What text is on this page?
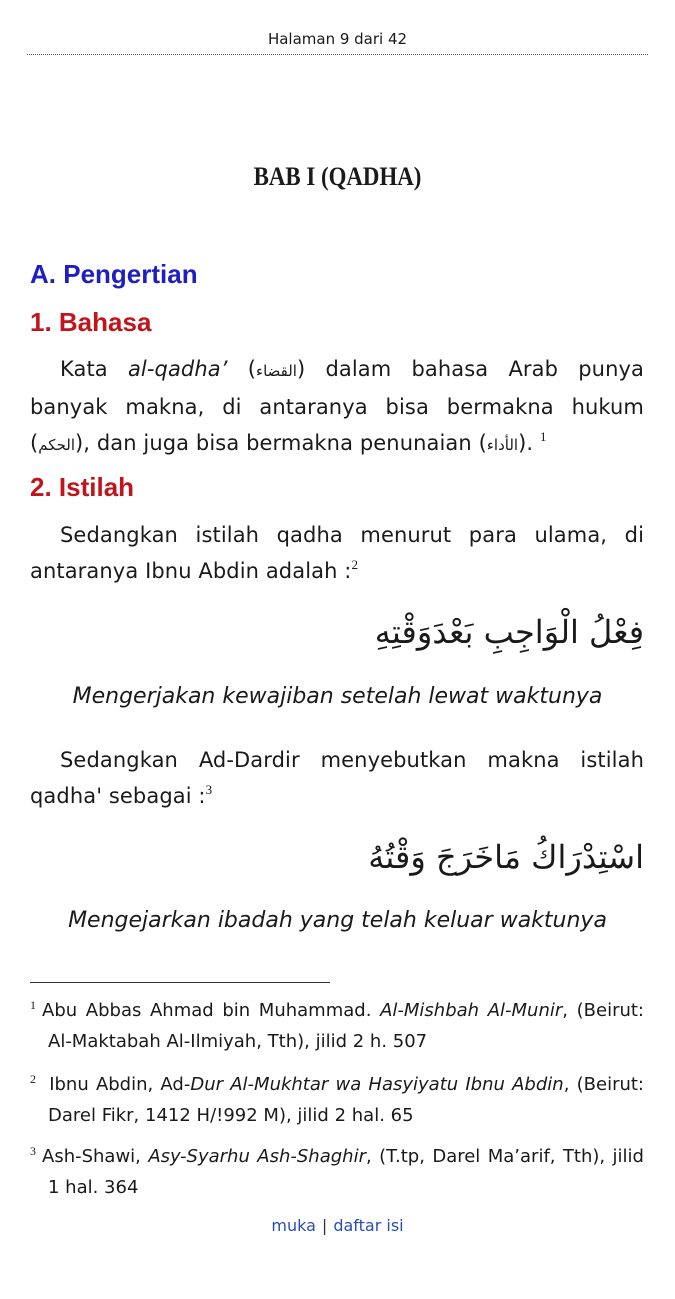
Halaman 9 dari 42
BAB I (QADHA)
A. Pengertian
1. Bahasa

Kata al-qadha’ (القضاء) dalam bahasa Arab punya banyak makna, di antaranya bisa bermakna hukum (الحكم), dan juga bisa bermakna penunaian (الأداء). $^1$

2. Istilah

Sedangkan istilah qadha menurut para ulama, di antaranya Ibnu Abdin adalah :$^2$

فِعْلُ الْوَاجِبِ بَعْدَوَقْتِهِ

Mengerjakan kewajiban setelah lewat waktunya

Sedangkan Ad-Dardir menyebutkan makna istilah qadha' sebagai :$^3$

اسْتِدْرَاكُ مَاخَرَجَ وَقْتُهُ

Mengejarkan ibadah yang telah keluar waktunya

$^1$ Abu Abbas Ahmad bin Muhammad. Al-Mishbah Al-Munir, (Beirut: Al-Maktabah Al-Ilmiyah, Tth), jilid 2 h. 507

$^2$ Ibnu Abdin, Ad-Dur Al-Mukhtar wa Hasyiyatu Ibnu Abdin, (Beirut: Darel Fikr, 1412 H/!992 M), jilid 2 hal. 65

$^3$ Ash-Shawi, Asy-Syarhu Ash-Shaghir, (T.tp, Darel Ma’arif, Tth), jilid 1 hal. 364

muka | daftar isi
